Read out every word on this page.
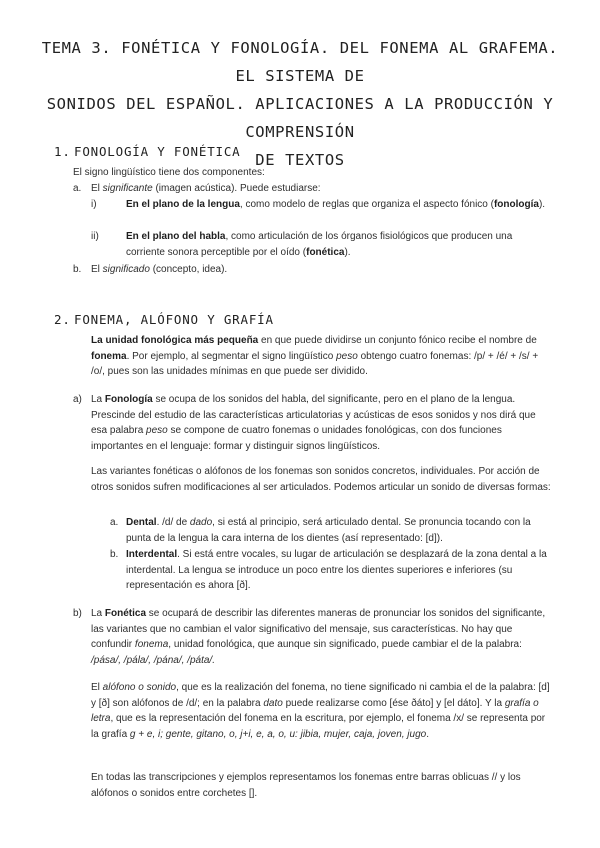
TEMA 3. FONÉTICA Y FONOLOGÍA. DEL FONEMA AL GRAFEMA. EL SISTEMA DE
SONIDOS DEL ESPAÑOL. APLICACIONES A LA PRODUCCIÓN Y COMPRENSIÓN
DE TEXTOS
1. FONOLOGÍA Y FONÉTICA

El signo lingüístico tiene dos componentes:

a. El significante (imagen acústica). Puede estudiarse:

i)	En el plano de la lengua, como modelo de reglas que organiza el aspecto fónico (fonología).

ii)	En el plano del habla, como articulación de los órganos fisiológicos que producen una corriente sonora perceptible por el oído (fonética).

b. El significado (concepto, idea).

2. FONEMA, ALÓFONO Y GRAFÍA

La unidad fonológica más pequeña en que puede dividirse un conjunto fónico recibe el nombre de fonema. Por ejemplo, al segmentar el signo lingüístico peso obtengo cuatro fonemas: /p/ + /é/ + /s/ + /o/, pues son las unidades mínimas en que puede ser dividido.

a) La Fonología se ocupa de los sonidos del habla, del significante, pero en el plano de la lengua. Prescinde del estudio de las características articulatorias y acústicas de esos sonidos y nos dirá que esa palabra peso se compone de cuatro fonemas o unidades fonológicas, con dos funciones importantes en el lenguaje: formar y distinguir signos lingüísticos.

Las variantes fonéticas o alófonos de los fonemas son sonidos concretos, individuales. Por acción de otros sonidos sufren modificaciones al ser articulados. Podemos articular un sonido de diversas formas:

a. Dental. /d/ de dado, si está al principio, será articulado dental. Se pronuncia tocando con la punta de la lengua la cara interna de los dientes (así representado: [d]).

b. Interdental. Si está entre vocales, su lugar de articulación se desplazará de la zona dental a la interdental. La lengua se introduce un poco entre los dientes superiores e inferiores (su representación es ahora [ð].

b) La Fonética se ocupará de describir las diferentes maneras de pronunciar los sonidos del significante, las variantes que no cambian el valor significativo del mensaje, sus características. No hay que confundir fonema, unidad fonológica, que aunque sin significado, puede cambiar el de la palabra: /pása/, /pála/, /pána/, /páta/.

El alófono o sonido, que es la realización del fonema, no tiene significado ni cambia el de la palabra: [d] y [ð] son alófonos de /d/; en la palabra dato puede realizarse como [ése ðáto] y [el dáto]. Y la grafía o letra, que es la representación del fonema en la escritura, por ejemplo, el fonema /x/ se representa por la grafía g + e, i; gente, gitano, o, j+i, e, a, o, u: jibia, mujer, caja, joven, jugo.

En todas las transcripciones y ejemplos representamos los fonemas entre barras oblicuas // y los alófonos o sonidos entre corchetes [].
